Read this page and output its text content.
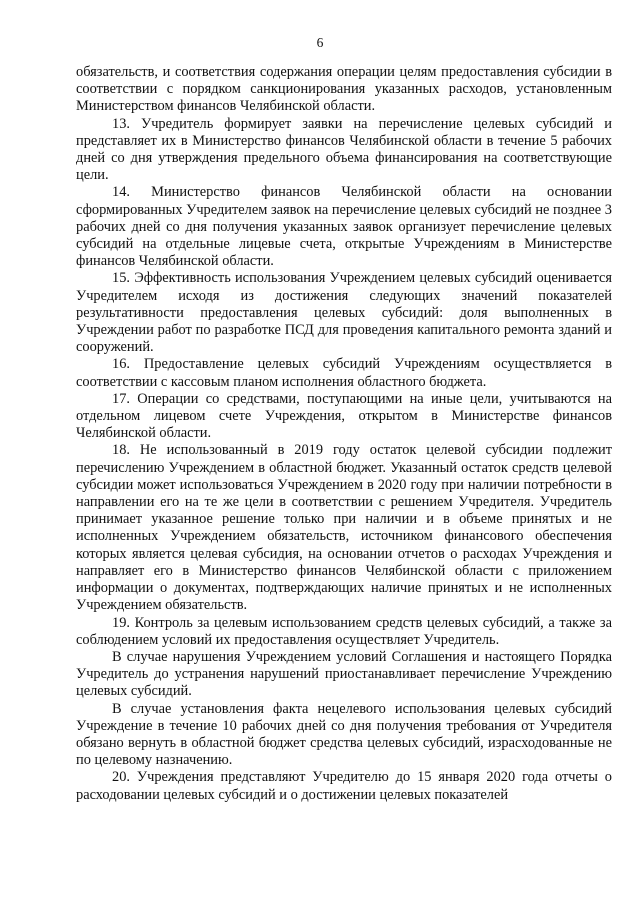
6

обязательств, и соответствия содержания операции целям предоставления субсидии в соответствии с порядком санкционирования указанных расходов, установленным Министерством финансов Челябинской области.

13. Учредитель формирует заявки на перечисление целевых субсидий и представляет их в Министерство финансов Челябинской области в течение 5 рабочих дней со дня утверждения предельного объема финансирования на соответствующие цели.

14. Министерство финансов Челябинской области на основании сформированных Учредителем заявок на перечисление целевых субсидий не позднее 3 рабочих дней со дня получения указанных заявок организует перечисление целевых субсидий на отдельные лицевые счета, открытые Учреждениям в Министерстве финансов Челябинской области.

15. Эффективность использования Учреждением целевых субсидий оценивается Учредителем исходя из достижения следующих значений показателей результативности предоставления целевых субсидий: доля выполненных в Учреждении работ по разработке ПСД для проведения капитального ремонта зданий и сооружений.

16. Предоставление целевых субсидий Учреждениям осуществляется в соответствии с кассовым планом исполнения областного бюджета.

17. Операции со средствами, поступающими на иные цели, учитываются на отдельном лицевом счете Учреждения, открытом в Министерстве финансов Челябинской области.

18. Не использованный в 2019 году остаток целевой субсидии подлежит перечислению Учреждением в областной бюджет. Указанный остаток средств целевой субсидии может использоваться Учреждением в 2020 году при наличии потребности в направлении его на те же цели в соответствии с решением Учредителя. Учредитель принимает указанное решение только при наличии и в объеме принятых и не исполненных Учреждением обязательств, источником финансового обеспечения которых является целевая субсидия, на основании отчетов о расходах Учреждения и направляет его в Министерство финансов Челябинской области с приложением информации о документах, подтверждающих наличие принятых и не исполненных Учреждением обязательств.

19. Контроль за целевым использованием средств целевых субсидий, а также за соблюдением условий их предоставления осуществляет Учредитель.

В случае нарушения Учреждением условий Соглашения и настоящего Порядка Учредитель до устранения нарушений приостанавливает перечисление Учреждению целевых субсидий.

В случае установления факта нецелевого использования целевых субсидий Учреждение в течение 10 рабочих дней со дня получения требования от Учредителя обязано вернуть в областной бюджет средства целевых субсидий, израсходованные не по целевому назначению.

20. Учреждения представляют Учредителю до 15 января 2020 года отчеты о расходовании целевых субсидий и о достижении целевых показателей
